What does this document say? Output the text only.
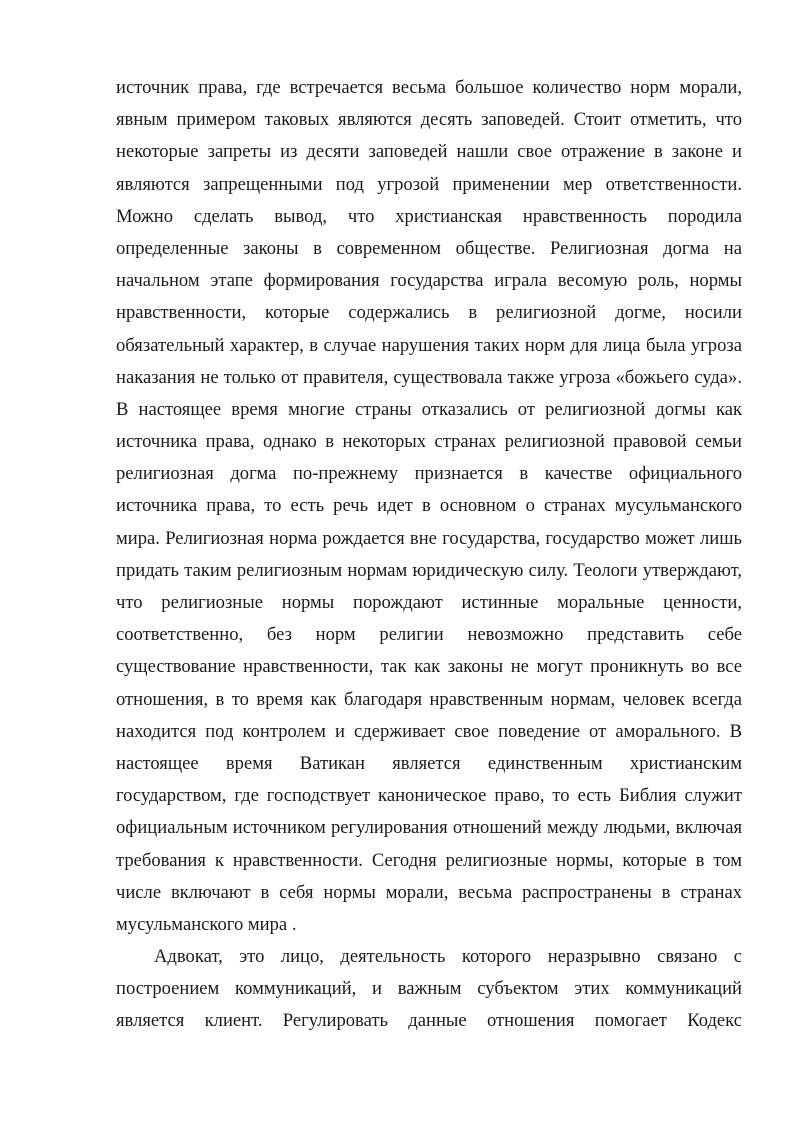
источник права, где встречается весьма большое количество норм морали,
явным примером таковых являются десять заповедей. Стоит отметить, что
некоторые запреты из десяти заповедей нашли свое отражение в законе и
являются запрещенными под угрозой применении мер ответственности.
Можно сделать вывод, что христианская нравственность породила
определенные законы в современном обществе. Религиозная догма на
начальном этапе формирования государства играла весомую роль, нормы
нравственности, которые содержались в религиозной догме, носили
обязательный характер, в случае нарушения таких норм для лица была угроза
наказания не только от правителя, существовала также угроза «божьего суда».
В настоящее время многие страны отказались от религиозной догмы как
источника права, однако в некоторых странах религиозной правовой семьи
религиозная догма по-прежнему признается в качестве официального
источника права, то есть речь идет в основном о странах мусульманского
мира. Религиозная норма рождается вне государства, государство может лишь
придать таким религиозным нормам юридическую силу. Теологи утверждают,
что религиозные нормы порождают истинные моральные ценности,
соответственно, без норм религии невозможно представить себе
существование нравственности, так как законы не могут проникнуть во все
отношения, в то время как благодаря нравственным нормам, человек всегда
находится под контролем и сдерживает свое поведение от аморального. В
настоящее время Ватикан является единственным христианским
государством, где господствует каноническое право, то есть Библия служит
официальным источником регулирования отношений между людьми, включая
требования к нравственности. Сегодня религиозные нормы, которые в том
числе включают в себя нормы морали, весьма распространены в странах
мусульманского мира .
Адвокат, это лицо, деятельность которого неразрывно связано с
построением коммуникаций, и важным субъектом этих коммуникаций
является клиент. Регулировать данные отношения помогает Кодекс
